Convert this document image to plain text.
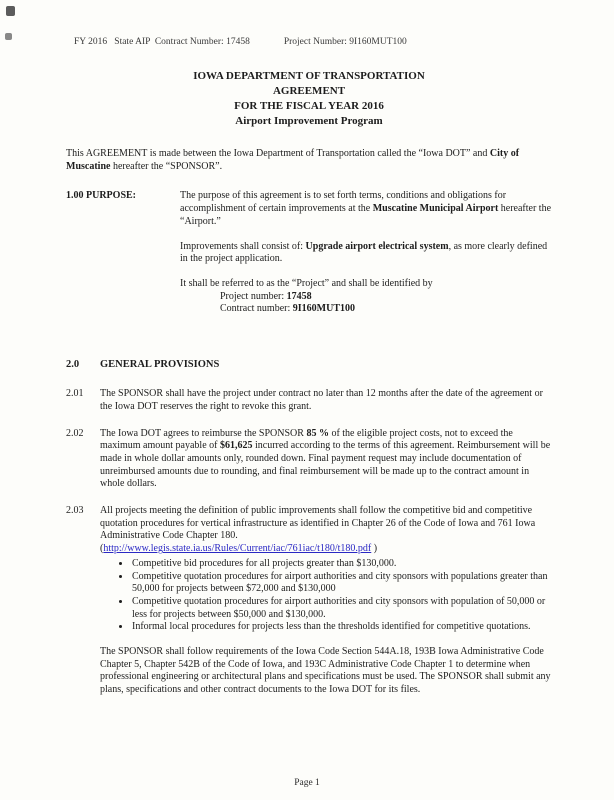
FY 2016   State AIP  Contract Number: 17458	Project Number: 9I160MUT100
IOWA DEPARTMENT OF TRANSPORTATION
AGREEMENT
FOR THE FISCAL YEAR 2016
Airport Improvement Program

This AGREEMENT is made between the Iowa Department of Transportation called the “Iowa DOT” and City of Muscatine hereafter the “SPONSOR”.

1.00 PURPOSE:	The purpose of this agreement is to set forth terms, conditions and obligations for accomplishment of certain improvements at the Muscatine Municipal Airport hereafter the “Airport.”

Improvements shall consist of: Upgrade airport electrical system, as more clearly defined in the project application.

It shall be referred to as the “Project” and shall be identified by

Project number: 17458
Contract number: 9I160MUT100
2.0	GENERAL PROVISIONS
2.01	The SPONSOR shall have the project under contract no later than 12 months after the date of the agreement or the Iowa DOT reserves the right to revoke this grant.
2.02	The Iowa DOT agrees to reimburse the SPONSOR 85 % of the eligible project costs, not to exceed the maximum amount payable of $61,625 incurred according to the terms of this agreement. Reimbursement will be made in whole dollar amounts only, rounded down. Final payment request may include documentation of unreimbursed amounts due to rounding, and final reimbursement will be made up to the contract amount in whole dollars.
2.03	All projects meeting the definition of public improvements shall follow the competitive bid and competitive quotation procedures for vertical infrastructure as identified in Chapter 26 of the Code of Iowa and 761 Iowa Administrative Code Chapter 180.
(http://www.legis.state.ia.us/Rules/Current/iac/761iac/t180/t180.pdf )
• Competitive bid procedures for all projects greater than $130,000.
• Competitive quotation procedures for airport authorities and city sponsors with populations greater than 50,000 for projects between $72,000 and $130,000
• Competitive quotation procedures for airport authorities and city sponsors with population of 50,000 or less for projects between $50,000 and $130,000.
• Informal local procedures for projects less than the thresholds identified for competitive quotations.

The SPONSOR shall follow requirements of the Iowa Code Section 544A.18, 193B Iowa Administrative Code Chapter 5, Chapter 542B of the Code of Iowa, and 193C Administrative Code Chapter 1 to determine when professional engineering or architectural plans and specifications must be used. The SPONSOR shall submit any plans, specifications and other contract documents to the Iowa DOT for its files.

Page 1
